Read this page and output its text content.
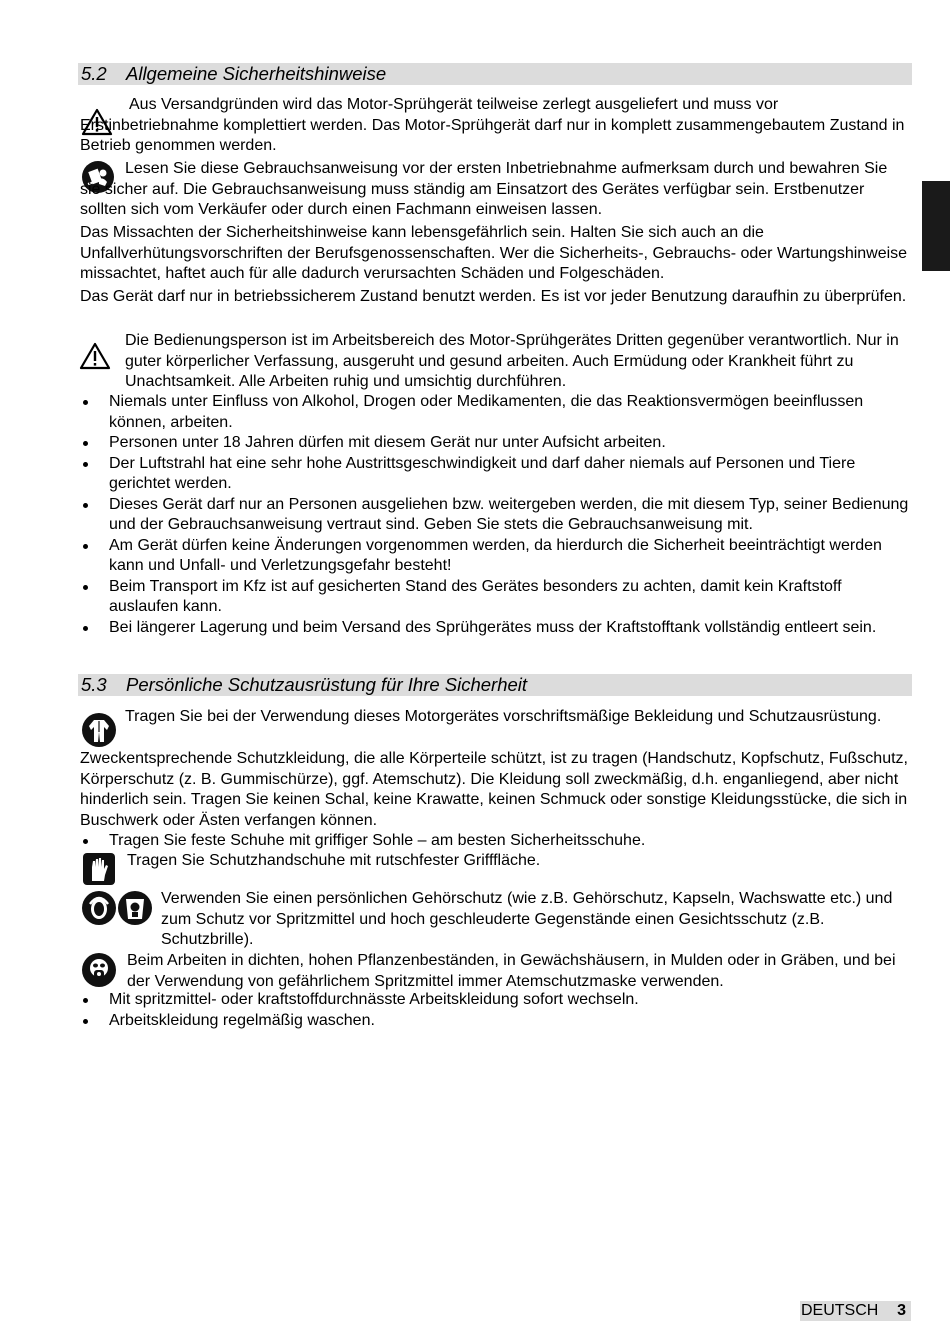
5.2 Allgemeine Sicherheitshinweise

Aus Versandgründen wird das Motor-Sprühgerät teilweise zerlegt ausgeliefert und muss vor Erstinbetriebnahme komplettiert werden. Das Motor-Sprühgerät darf nur in komplett zusammengebautem Zustand in Betrieb genommen werden.

Lesen Sie diese Gebrauchsanweisung vor der ersten Inbetriebnahme aufmerksam durch und bewahren Sie sie sicher auf. Die Gebrauchsanweisung muss ständig am Einsatzort des Gerätes verfügbar sein. Erstbenutzer sollten sich vom Verkäufer oder durch einen Fachmann einweisen lassen.

Das Missachten der Sicherheitshinweise kann lebensgefährlich sein. Halten Sie sich auch an die Unfallverhütungsvorschriften der Berufsgenossenschaften. Wer die Sicherheits-, Gebrauchs- oder Wartungshinweise missachtet, haftet auch für alle dadurch verursachten Schäden und Folgeschäden.

Das Gerät darf nur in betriebssicherem Zustand benutzt werden. Es ist vor jeder Benutzung daraufhin zu überprüfen.

Die Bedienungsperson ist im Arbeitsbereich des Motor-Sprühgerätes Dritten gegenüber verantwortlich. Nur in guter körperlicher Verfassung, ausgeruht und gesund arbeiten. Auch Ermüdung oder Krankheit führt zu Unachtsamkeit. Alle Arbeiten ruhig und umsichtig durchführen.

Niemals unter Einfluss von Alkohol, Drogen oder Medikamenten, die das Reaktionsvermögen beeinflussen können, arbeiten.
Personen unter 18 Jahren dürfen mit diesem Gerät nur unter Aufsicht arbeiten.
Der Luftstrahl hat eine sehr hohe Austrittsgeschwindigkeit und darf daher niemals auf Personen und Tiere gerichtet werden.
Dieses Gerät darf nur an Personen ausgeliehen bzw. weitergeben werden, die mit diesem Typ, seiner Bedienung und der Gebrauchsanweisung vertraut sind. Geben Sie stets die Gebrauchsanweisung mit.
Am Gerät dürfen keine Änderungen vorgenommen werden, da hierdurch die Sicherheit beeinträchtigt werden kann und Unfall- und Verletzungsgefahr besteht!
Beim Transport im Kfz ist auf gesicherten Stand des Gerätes besonders zu achten, damit kein Kraftstoff auslaufen kann.
Bei längerer Lagerung und beim Versand des Sprühgerätes muss der Kraftstofftank vollständig entleert sein.
5.3 Persönliche Schutzausrüstung für Ihre Sicherheit

Tragen Sie bei der Verwendung dieses Motorgerätes vorschriftsmäßige Bekleidung und Schutzausrüstung.

Zweckentsprechende Schutzkleidung, die alle Körperteile schützt, ist zu tragen (Handschutz, Kopfschutz, Fußschutz, Körperschutz (z. B. Gummischürze), ggf. Atemschutz). Die Kleidung soll zweckmäßig, d.h. enganliegend, aber nicht hinderlich sein. Tragen Sie keinen Schal, keine Krawatte, keinen Schmuck oder sonstige Kleidungsstücke, die sich in Buschwerk oder Ästen verfangen können.

Tragen Sie feste Schuhe mit griffiger Sohle – am besten Sicherheitsschuhe.

Tragen Sie Schutzhandschuhe mit rutschfester Grifffläche.

Verwenden Sie einen persönlichen Gehörschutz (wie z.B. Gehörschutz, Kapseln, Wachswatte etc.) und zum Schutz vor Spritzmittel und hoch geschleuderte Gegenstände einen Gesichtsschutz (z.B. Schutzbrille).

Beim Arbeiten in dichten, hohen Pflanzenbeständen, in Gewächshäusern, in Mulden oder in Gräben, und bei der Verwendung von gefährlichem Spritzmittel immer Atemschutzmaske verwenden.

Mit spritzmittel- oder kraftstoffdurchnässte Arbeitskleidung sofort wechseln.
Arbeitskleidung regelmäßig waschen.
DEUTSCH 3
